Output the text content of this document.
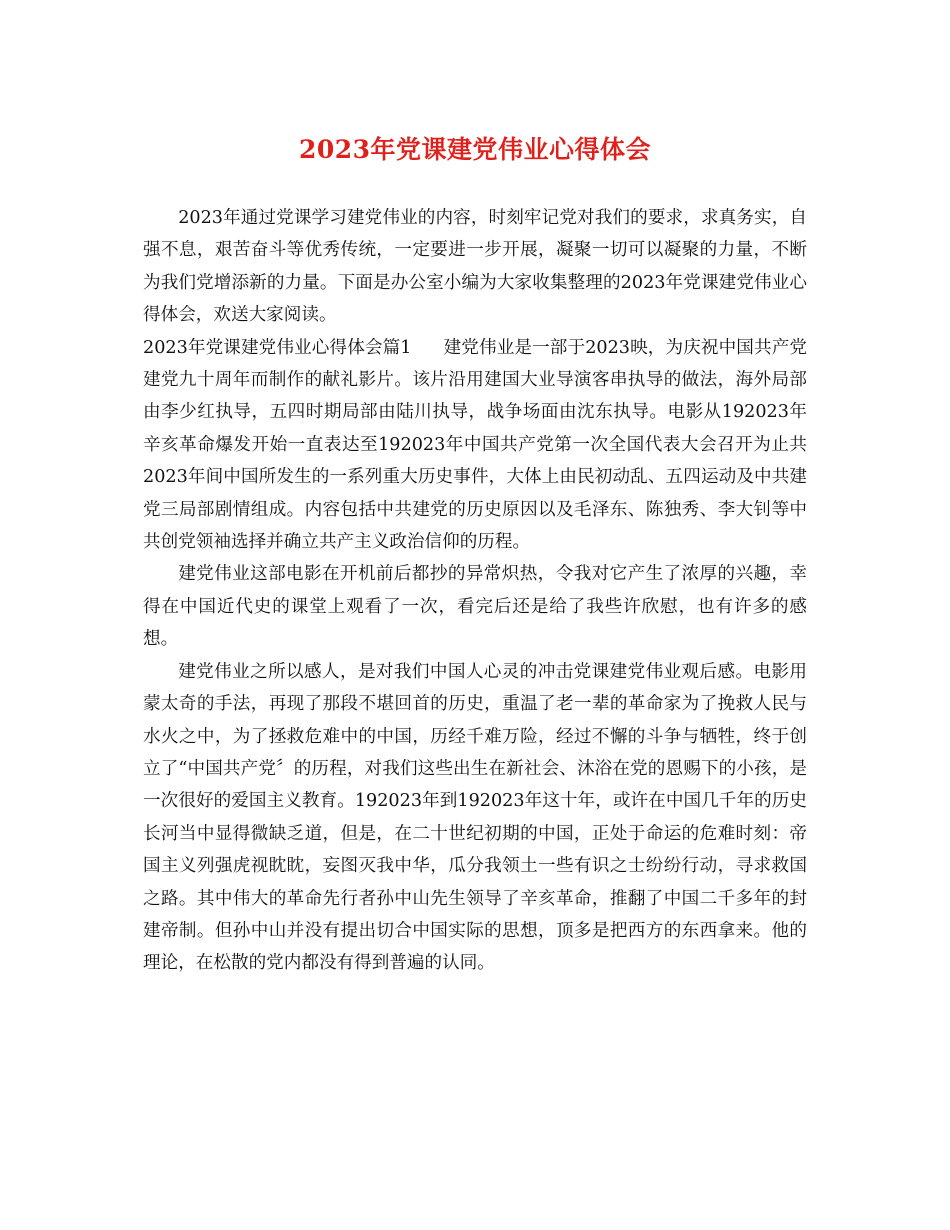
2023年党课建党伟业心得体会

2023年通过党课学习建党伟业的内容，时刻牢记党对我们的要求，求真务实，自强不息，艰苦奋斗等优秀传统，一定要进一步开展，凝聚一切可以凝聚的力量，不断为我们党增添新的力量。下面是办公室小编为大家收集整理的2023年党课建党伟业心得体会，欢送大家阅读。

2023年党课建党伟业心得体会篇1 建党伟业是一部于2023映，为庆祝中国共产党建党九十周年而制作的献礼影片。该片沿用建国大业导演客串执导的做法，海外局部由李少红执导，五四时期局部由陆川执导，战争场面由沈东执导。电影从192023年辛亥革命爆发开始一直表达至192023年中国共产党第一次全国代表大会召开为止共2023年间中国所发生的一系列重大历史事件，大体上由民初动乱、五四运动及中共建党三局部剧情组成。内容包括中共建党的历史原因以及毛泽东、陈独秀、李大钊等中共创党领袖选择并确立共产主义政治信仰的历程。

建党伟业这部电影在开机前后都抄的异常炽热，令我对它产生了浓厚的兴趣，幸得在中国近代史的课堂上观看了一次，看完后还是给了我些许欣慰，也有许多的感想。

建党伟业之所以感人，是对我们中国人心灵的冲击党课建党伟业观后感。电影用蒙太奇的手法，再现了那段不堪回首的历史，重温了老一辈的革命家为了挽救人民与水火之中，为了拯救危难中的中国，历经千难万险，经过不懈的斗争与牺牲，终于创立了“中国共产党〞的历程，对我们这些出生在新社会、沐浴在党的恩赐下的小孩，是一次很好的爱国主义教育。192023年到192023年这十年，或许在中国几千年的历史长河当中显得微缺乏道，但是，在二十世纪初期的中国，正处于命运的危难时刻：帝国主义列强虎视眈眈，妄图灭我中华，瓜分我领土一些有识之士纷纷行动，寻求救国之路。其中伟大的革命先行者孙中山先生领导了辛亥革命，推翻了中国二千多年的封建帝制。但孙中山并没有提出切合中国实际的思想，顶多是把西方的东西拿来。他的理论，在松散的党内都没有得到普遍的认同。
